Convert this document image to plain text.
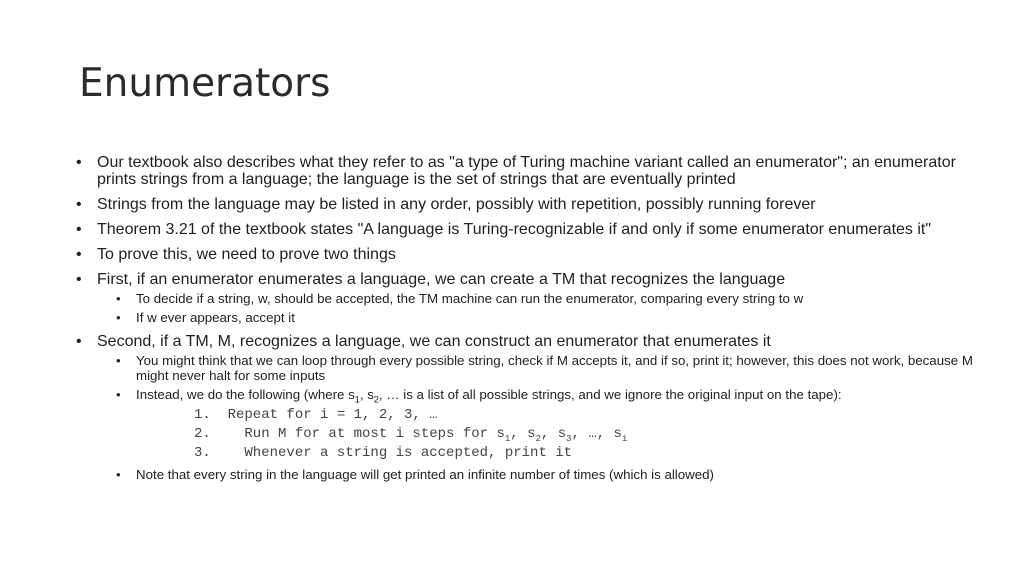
Enumerators
• Our textbook also describes what they refer to as "a type of Turing machine variant called an enumerator"; an enumerator prints strings from a language; the language is the set of strings that are eventually printed
• Strings from the language may be listed in any order, possibly with repetition, possibly running forever
• Theorem 3.21 of the textbook states "A language is Turing-recognizable if and only if some enumerator enumerates it"
• To prove this, we need to prove two things
• First, if an enumerator enumerates a language, we can create a TM that recognizes the language
• To decide if a string, w, should be accepted, the TM machine can run the enumerator, comparing every string to w
• If w ever appears, accept it
• Second, if a TM, M, recognizes a language, we can construct an enumerator that enumerates it
• You might think that we can loop through every possible string, check if M accepts it, and if so, print it; however, this does not work, because M might never halt for some inputs
• Instead, we do the following (where $s_1$, $s_2$, … is a list of all possible strings, and we ignore the original input on the tape):
1.  Repeat for i = 1, 2, 3, …
2.    Run M for at most i steps for $s_1$, $s_2$, $s_3$, …, $s_i$
3.    Whenever a string is accepted, print it
• Note that every string in the language will get printed an infinite number of times (which is allowed)
